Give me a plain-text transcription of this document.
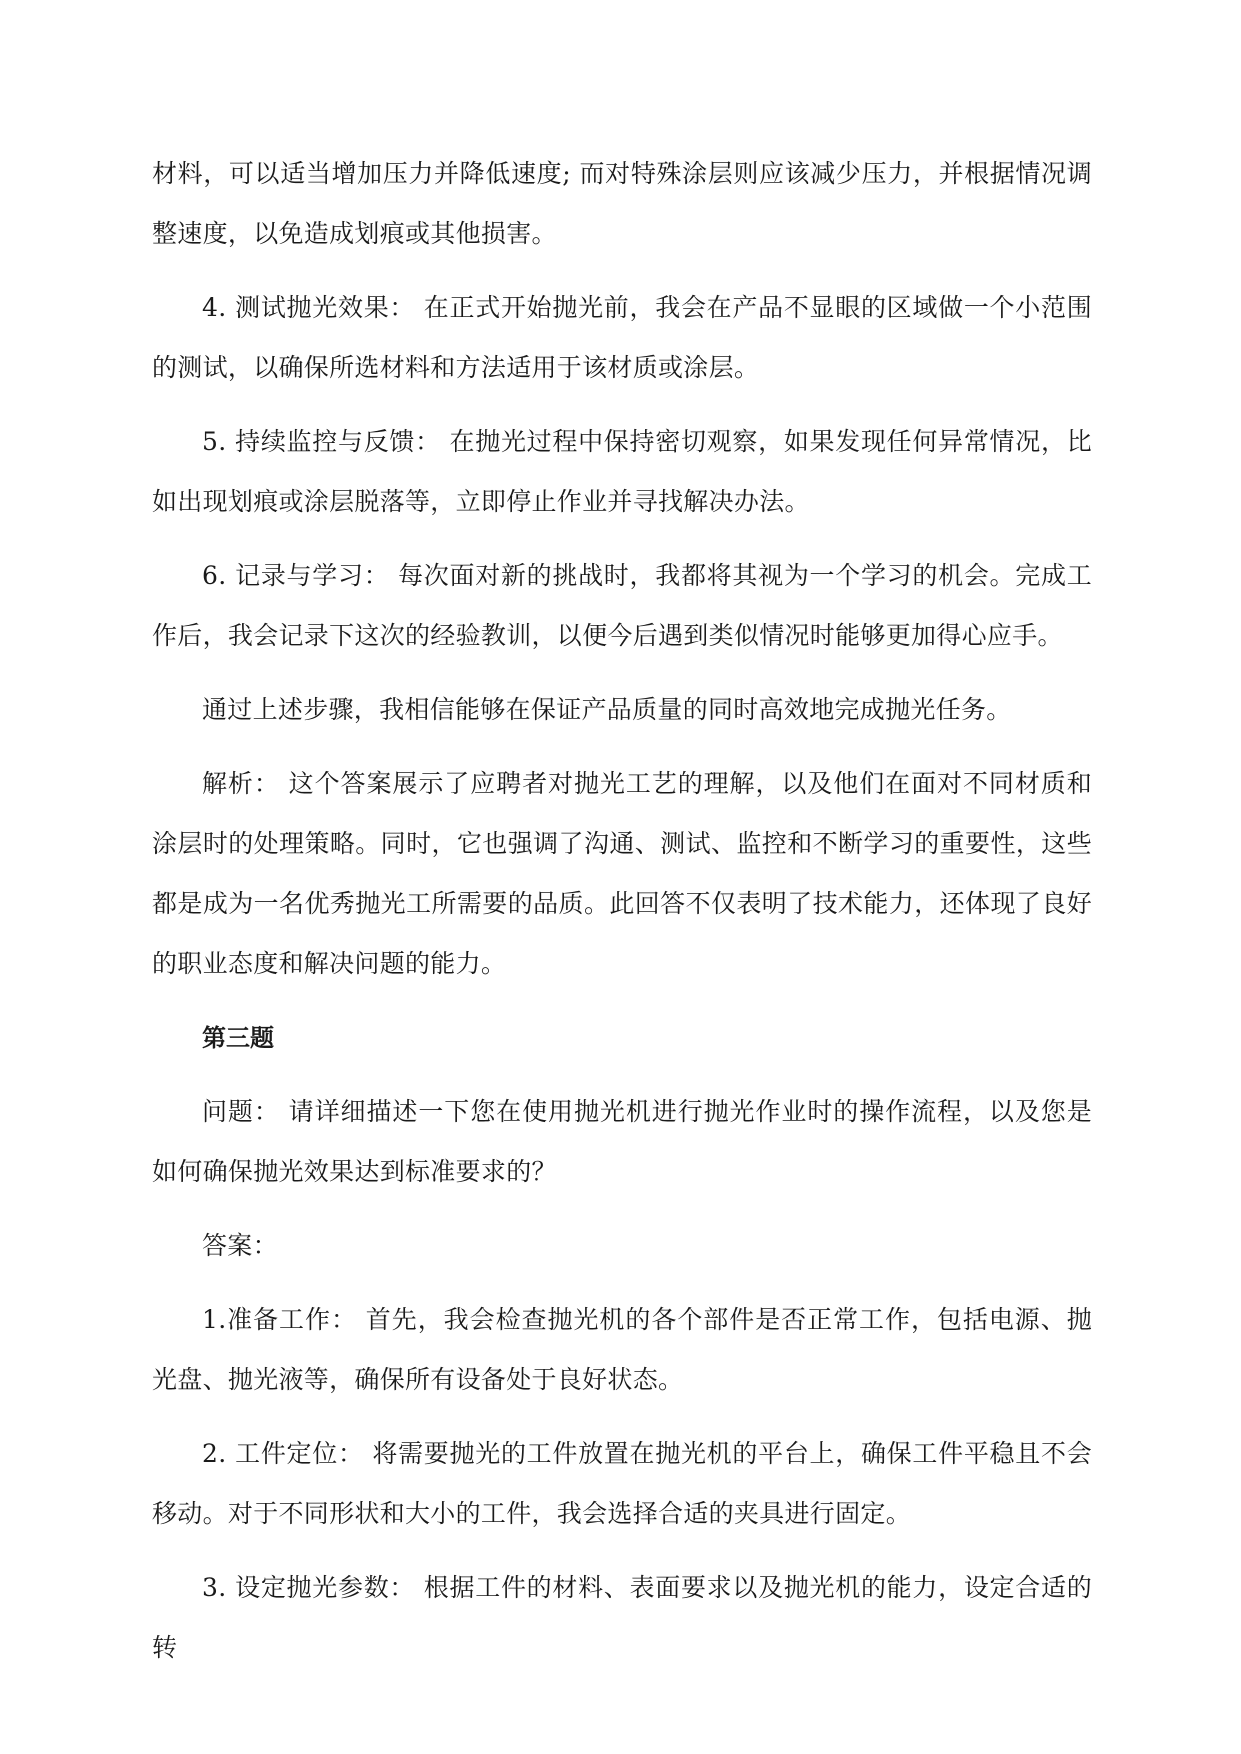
材料，可以适当增加压力并降低速度; 而对特殊涂层则应该减少压力，并根据情况调整速度，以免造成划痕或其他损害。

4. 测试抛光效果： 在正式开始抛光前，我会在产品不显眼的区域做一个小范围的测试，以确保所选材料和方法适用于该材质或涂层。

5. 持续监控与反馈： 在抛光过程中保持密切观察，如果发现任何异常情况，比如出现划痕或涂层脱落等，立即停止作业并寻找解决办法。

6. 记录与学习： 每次面对新的挑战时，我都将其视为一个学习的机会。完成工作后，我会记录下这次的经验教训，以便今后遇到类似情况时能够更加得心应手。

通过上述步骤，我相信能够在保证产品质量的同时高效地完成抛光任务。

解析： 这个答案展示了应聘者对抛光工艺的理解，以及他们在面对不同材质和涂层时的处理策略。同时，它也强调了沟通、测试、监控和不断学习的重要性，这些都是成为一名优秀抛光工所需要的品质。此回答不仅表明了技术能力，还体现了良好的职业态度和解决问题的能力。

第三题

问题： 请详细描述一下您在使用抛光机进行抛光作业时的操作流程，以及您是如何确保抛光效果达到标准要求的？

答案：

1.准备工作： 首先，我会检查抛光机的各个部件是否正常工作，包括电源、抛光盘、抛光液等，确保所有设备处于良好状态。

2. 工件定位： 将需要抛光的工件放置在抛光机的平台上，确保工件平稳且不会移动。对于不同形状和大小的工件，我会选择合适的夹具进行固定。

3. 设定抛光参数： 根据工件的材料、表面要求以及抛光机的能力，设定合适的转
